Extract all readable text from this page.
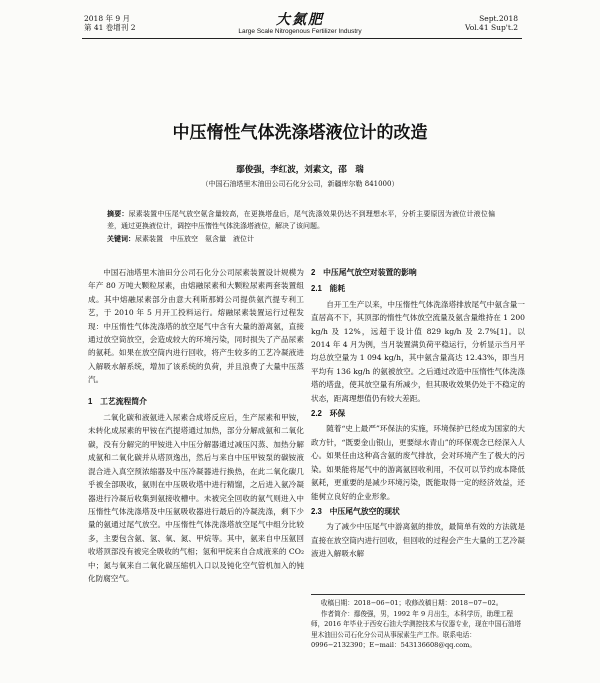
2018 年 9 月
第 41 卷增刊 2	大氮肥
Large Scale Nitrogenous Fertilizer Industry
Sept.2018
Vol.41 Sup't.2
中压惰性气体洗涤塔液位计的改造
鄢俊强，李红波，刘素文，邵　瑞
（中国石油塔里木油田公司石化分公司，新疆库尔勒 841000）
摘要：尿素装置中压尾气放空氨含量较高，在更换塔盘后，尾气洗涤效果仍达不到理想水平，分析主要原因为液位计液位偏差，通过更换液位计，调控中压惰性气体洗涤塔液位，解决了该问题。
关键词：尿素装置　中压放空　氨含量　液位计

中国石油塔里木油田分公司石化分公司尿素装置设计规模为年产 80 万吨大颗粒尿素，由熔融尿素和大颗粒尿素两套装置组成。其中熔融尿素部分由意大利斯那姆公司提供氨汽提专利工艺，于 2010 年 5 月开工投料运行。熔融尿素装置运行过程发现：中压惰性气体洗涤塔的放空尾气中含有大量的游离氨，直接通过放空筒放空，会造成较大的环境污染，同时损失了产品尿素的氨耗。如果在放空筒内进行回收，将产生较多的工艺冷凝液进入解吸水解系统，增加了该系统的负荷，并且浪费了大量中压蒸汽。

1　工艺流程简介

二氧化碳和液氨进入尿素合成塔反应后，生产尿素和甲铵，未转化成尿素的甲铵在汽提塔通过加热，部分分解成氨和二氧化碳，没有分解完的甲铵进入中压分解器通过减压闪蒸、加热分解成氨和二氧化碳并从塔顶逸出，然后与来自中压甲铵泵的碳铵液混合进入真空预浓缩器及中压冷凝器进行换热，在此二氧化碳几乎被全部吸收，氨则在中压吸收塔中进行精馏，之后进入氨冷凝器进行冷凝后收集到氨接收槽中。未被完全回收的氨气则进入中压惰性气体洗涤塔及中压氨吸收器进行最后的冷凝洗涤，剩下少量的氨通过尾气放空。中压惰性气体洗涤塔放空尾气中组分比较多，主要包含氨、氢、氧、氮、甲烷等。其中，氨来自中压氨回收塔顶部没有被完全吸收的气相；氢和甲烷来自合成液来的 CO₂ 中；氮与氧来自二氧化碳压缩机入口以及钝化空气管机加入的钝化防腐空气。

2　中压尾气放空对装置的影响
2.1　能耗

自开工生产以来，中压惰性气体洗涤塔排放尾气中氨含量一直居高不下，其顶部的惰性气体放空流量及氨含量维持在 1 200 kg/h 及 12%，远超于设计值 829 kg/h 及 2.7%[1]。以 2014 年 4 月为例，当月装置满负荷平稳运行，分析显示当月平均总放空量为 1 094 kg/h，其中氨含量高达 12.43%，即当月平均有 136 kg/h 的氨被放空。之后通过改造中压惰性气体洗涤塔的塔盘，使其放空量有所减少，但其吸收效果仍处于不稳定的状态，距离理想值仍有较大差距。

2.2　环保

随着“史上最严”环保法的实施，环境保护已经成为国家的大政方针，“既要金山银山，更要绿水青山”的环保观念已经深入人心。如果任由这种高含氨的废气排放，会对环境产生了极大的污染。如果能将尾气中的游离氨回收利用，不仅可以节约成本降低氨耗，更重要的是减少环境污染，既能取得一定的经济效益，还能树立良好的企业形象。

2.3　中压尾气放空的现状

为了减少中压尾气中游离氨的排放，最简单有效的方法就是直接在放空筒内进行回收，但回收的过程会产生大量的工艺冷凝液进入解吸水解

收稿日期：2018−06−01；收修改稿日期：2018−07−02。

作者简介：鄢俊强，男，1992 年 9 月出生，本科学历，助理工程师，2016 年毕业于西安石油大学测控技术与仪器专业，现在中国石油塔里木油田公司石化分公司从事尿素生产工作。联系电话：0996−2132390；E−mail：543136608@qq.com。
